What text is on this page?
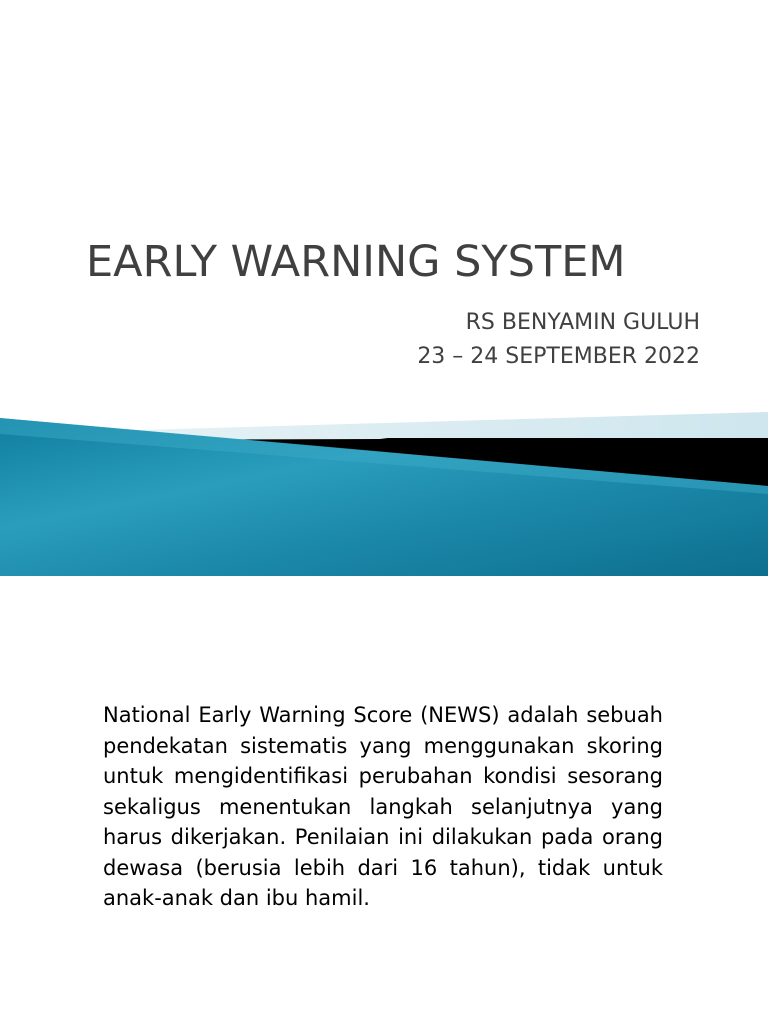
EARLY WARNING SYSTEM
RS BENYAMIN GULUH
23 – 24 SEPTEMBER 2022

National Early Warning Score (NEWS) adalah sebuah pendekatan sistematis yang menggunakan skoring untuk mengidentifikasi perubahan kondisi sesorang sekaligus menentukan langkah selanjutnya yang harus dikerjakan. Penilaian ini dilakukan pada orang dewasa (berusia lebih dari 16 tahun), tidak untuk anak-anak dan ibu hamil.
